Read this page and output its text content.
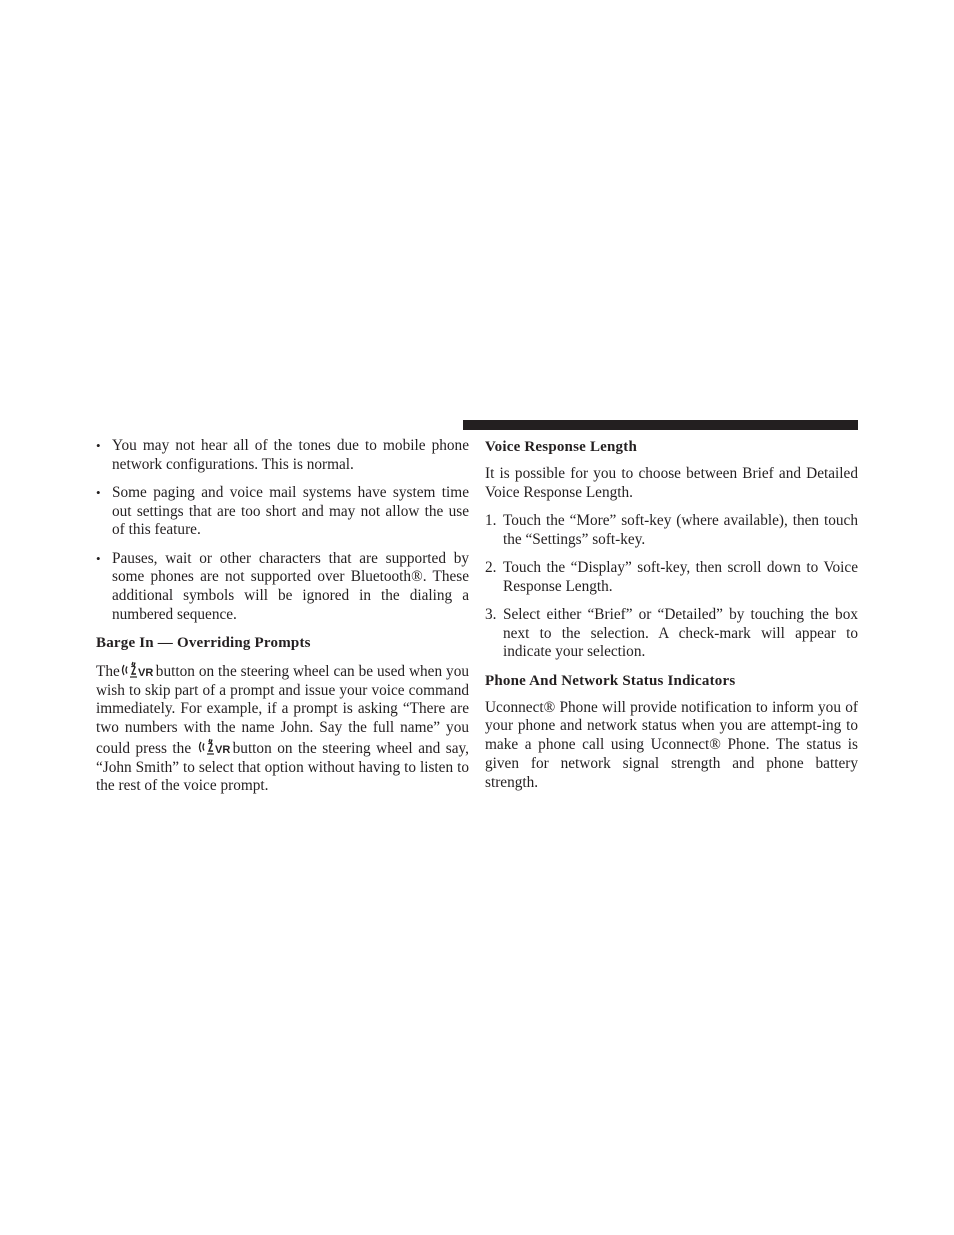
• You may not hear all of the tones due to mobile phone network configurations. This is normal.
• Some paging and voice mail systems have system time out settings that are too short and may not allow the use of this feature.
• Pauses, wait or other characters that are supported by some phones are not supported over Bluetooth®. These additional symbols will be ignored in the dialing a numbered sequence.
Barge In — Overriding Prompts

The VR button on the steering wheel can be used when you wish to skip part of a prompt and issue your voice command immediately. For example, if a prompt is asking “There are two numbers with the name John. Say the full name” you could press the VR button on the steering wheel and say, “John Smith” to select that option without having to listen to the rest of the voice prompt.

Voice Response Length

It is possible for you to choose between Brief and Detailed Voice Response Length.

1. Touch the “More” soft-key (where available), then touch the “Settings” soft-key.
2. Touch the “Display” soft-key, then scroll down to Voice Response Length.
3. Select either “Brief” or “Detailed” by touching the box next to the selection. A check-mark will appear to indicate your selection.
Phone And Network Status Indicators

Uconnect® Phone will provide notification to inform you of your phone and network status when you are attempt-ing to make a phone call using Uconnect® Phone. The status is given for network signal strength and phone battery strength.
